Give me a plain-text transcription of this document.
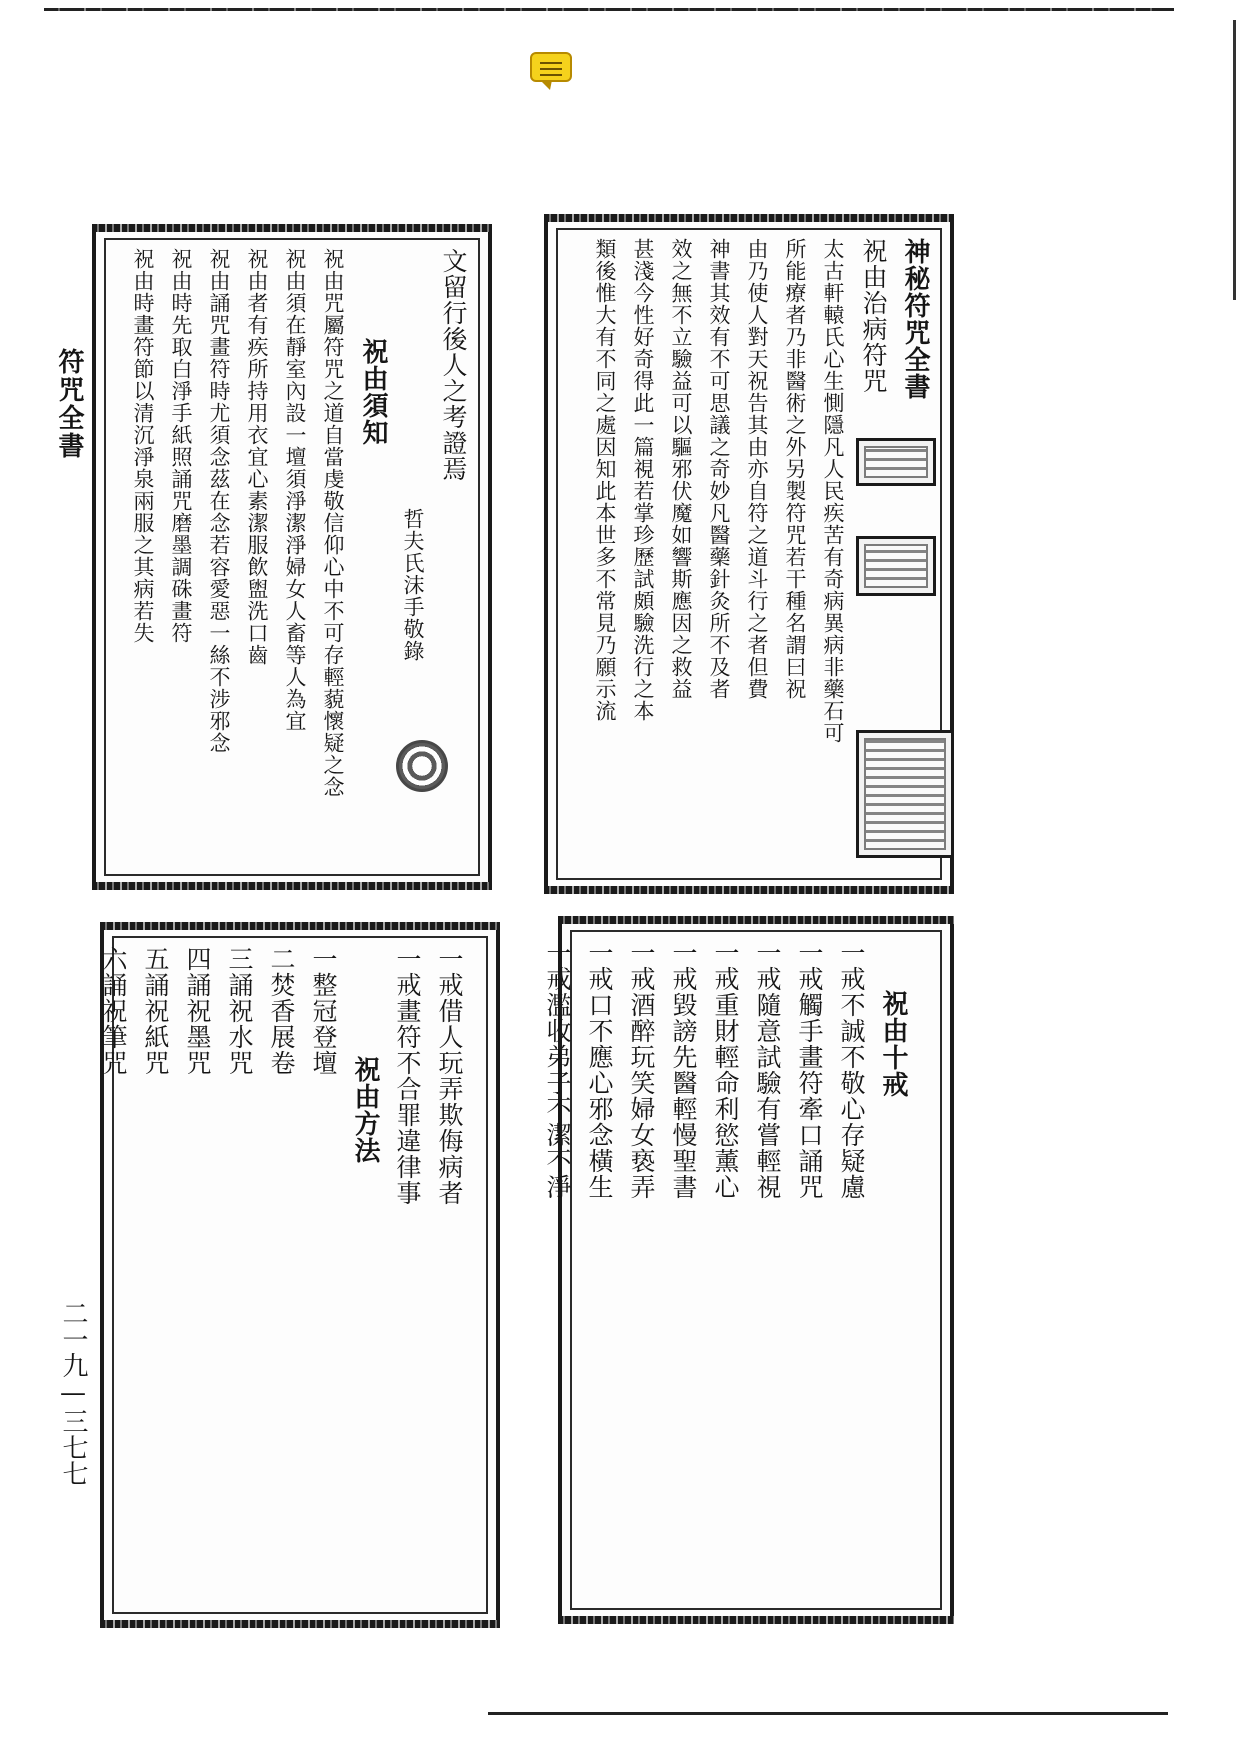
符咒全書
二一九—三七七
神秘符咒全書
祝由治病符咒
太古軒轅氏心生惻隱凡人民疾苦有奇病異病非藥石可
所能療者乃非醫術之外另製符咒若干種名謂曰祝
由乃使人對天祝告其由亦自符之道斗行之者但費
神書其效有不可思議之奇妙凡醫藥針灸所不及者
效之無不立驗益可以驅邪伏魔如響斯應因之救益
甚淺今性好奇得此一篇視若掌珍歷試頗驗洗行之本
類後惟大有不同之處因知此本世多不常見乃願示流
文留行後人之考證焉
哲夫氏沫手敬錄
祝由須知
祝由咒屬符咒之道自當虔敬信仰心中不可存輕藐懷疑之念
祝由須在靜室內設一壇須淨潔淨婦女人畜等人為宜
祝由者有疾所持用衣宜心素潔服飲盥洗口齒
祝由誦咒畫符時尤須念茲在念若容愛惡一絲不涉邪念
祝由時先取白淨手紙照誦咒磨墨調硃畫符
祝由時畫符節以清沉淨泉兩服之其病若失
祝由十戒
一戒不誠不敬心存疑慮
一戒觸手畫符牽口誦咒
一戒隨意試驗有嘗輕視
一戒重財輕命利慾薰心
一戒毀謗先醫輕慢聖書
一戒酒醉玩笑婦女亵弄
一戒口不應心邪念橫生
一戒濫收弟子不潔不淨
一戒借人玩弄欺侮病者
一戒畫符不合罪違律事
祝由方法
一整冠登壇
二焚香展卷
三誦祝水咒
四誦祝墨咒
五誦祝紙咒
六誦祝筆咒
